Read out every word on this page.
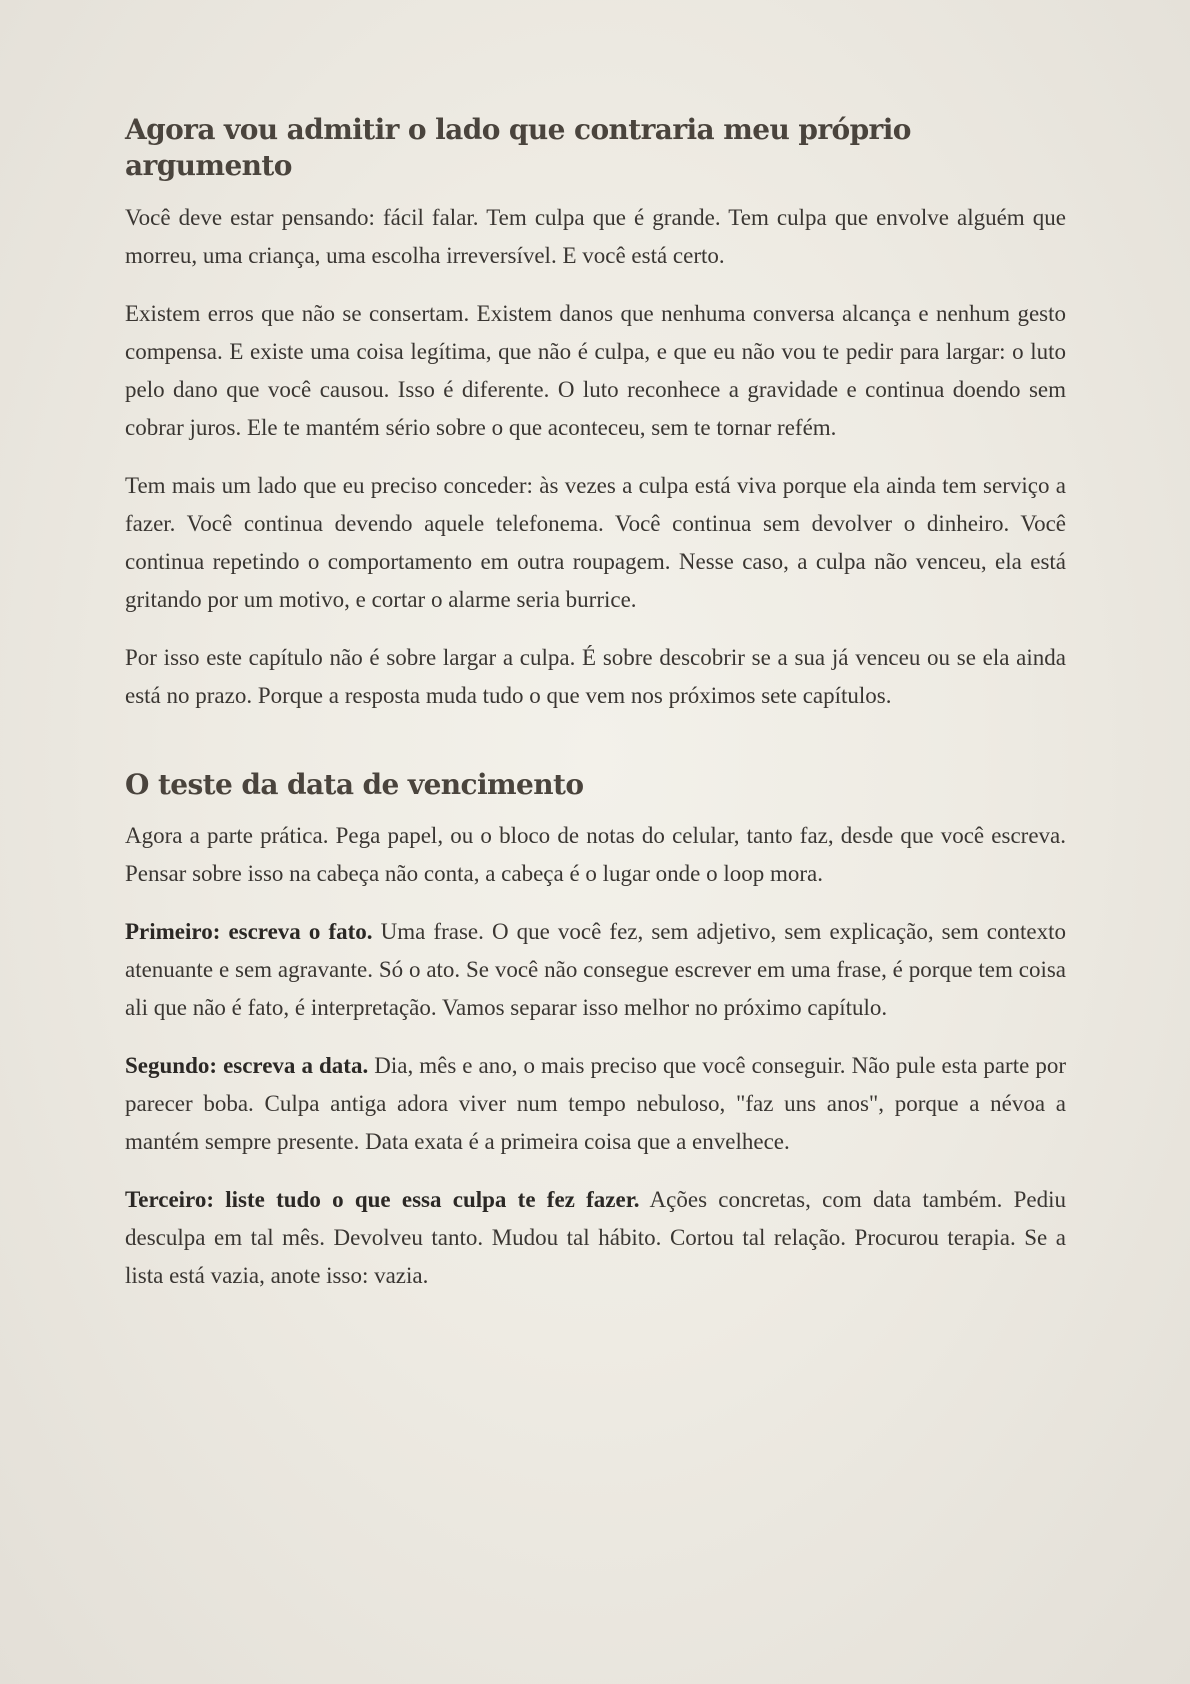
Agora vou admitir o lado que contraria meu próprio argumento

Você deve estar pensando: fácil falar. Tem culpa que é grande. Tem culpa que envolve alguém que morreu, uma criança, uma escolha irreversível. E você está certo.

Existem erros que não se consertam. Existem danos que nenhuma conversa alcança e nenhum gesto compensa. E existe uma coisa legítima, que não é culpa, e que eu não vou te pedir para largar: o luto pelo dano que você causou. Isso é diferente. O luto reconhece a gravidade e continua doendo sem cobrar juros. Ele te mantém sério sobre o que aconteceu, sem te tornar refém.

Tem mais um lado que eu preciso conceder: às vezes a culpa está viva porque ela ainda tem serviço a fazer. Você continua devendo aquele telefonema. Você continua sem devolver o dinheiro. Você continua repetindo o comportamento em outra roupagem. Nesse caso, a culpa não venceu, ela está gritando por um motivo, e cortar o alarme seria burrice.

Por isso este capítulo não é sobre largar a culpa. É sobre descobrir se a sua já venceu ou se ela ainda está no prazo. Porque a resposta muda tudo o que vem nos próximos sete capítulos.

O teste da data de vencimento

Agora a parte prática. Pega papel, ou o bloco de notas do celular, tanto faz, desde que você escreva. Pensar sobre isso na cabeça não conta, a cabeça é o lugar onde o loop mora.

Primeiro: escreva o fato. Uma frase. O que você fez, sem adjetivo, sem explicação, sem contexto atenuante e sem agravante. Só o ato. Se você não consegue escrever em uma frase, é porque tem coisa ali que não é fato, é interpretação. Vamos separar isso melhor no próximo capítulo.

Segundo: escreva a data. Dia, mês e ano, o mais preciso que você conseguir. Não pule esta parte por parecer boba. Culpa antiga adora viver num tempo nebuloso, "faz uns anos", porque a névoa a mantém sempre presente. Data exata é a primeira coisa que a envelhece.

Terceiro: liste tudo o que essa culpa te fez fazer. Ações concretas, com data também. Pediu desculpa em tal mês. Devolveu tanto. Mudou tal hábito. Cortou tal relação. Procurou terapia. Se a lista está vazia, anote isso: vazia.
